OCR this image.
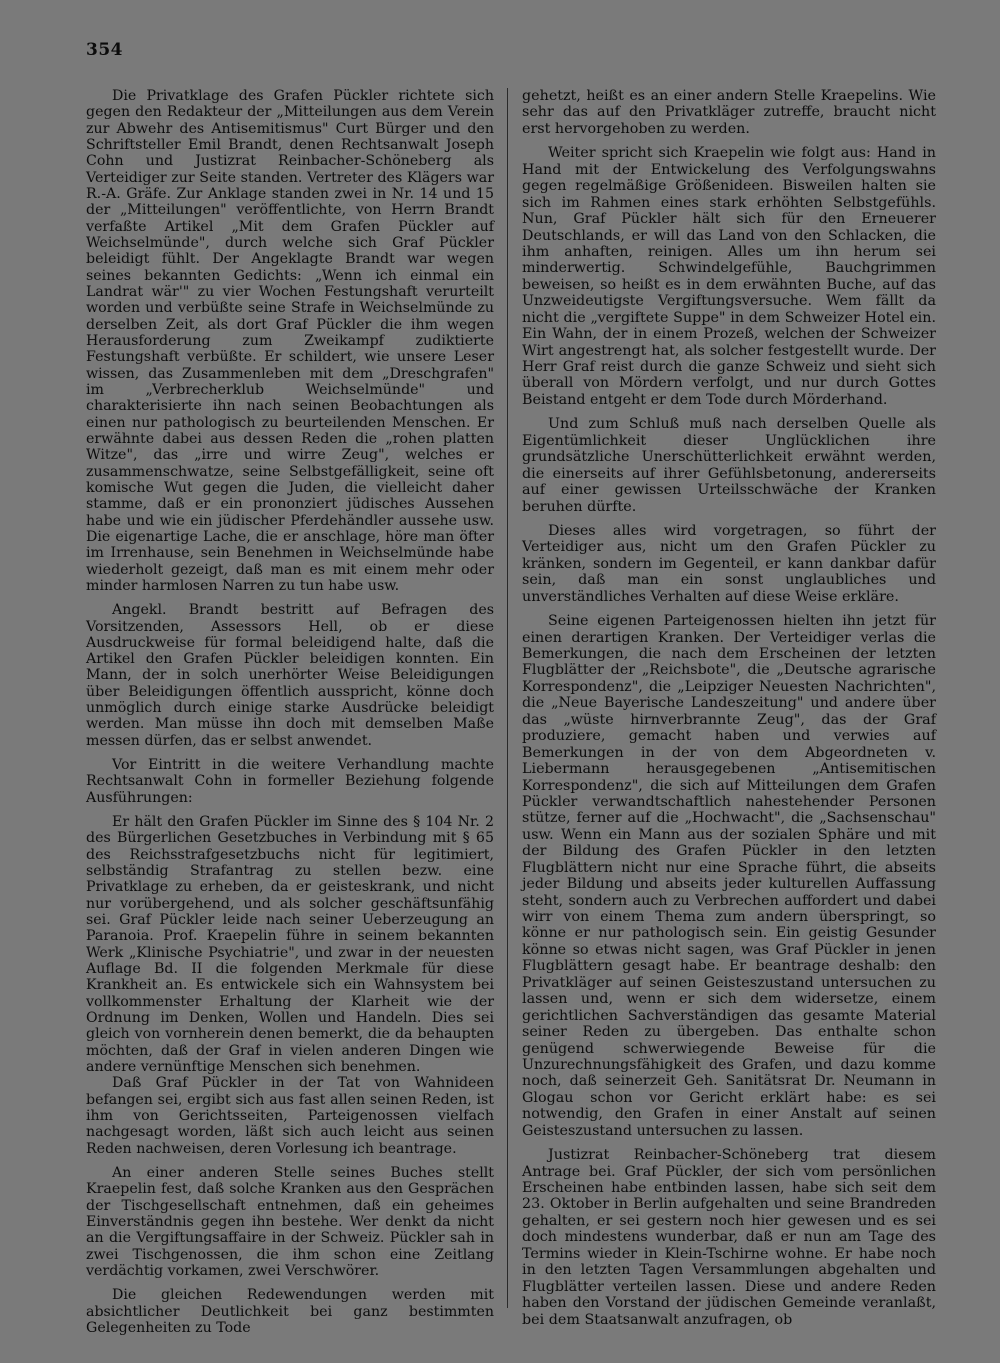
354

Die Privatklage des Grafen Pückler richtete sich gegen den Redakteur der „Mitteilungen aus dem Verein zur Abwehr des Antisemitismus" Curt Bürger und den Schriftsteller Emil Brandt, denen Rechtsanwalt Joseph Cohn und Justizrat Reinbacher-Schöneberg als Verteidiger zur Seite standen. Vertreter des Klägers war R.-A. Gräfe. Zur Anklage standen zwei in Nr. 14 und 15 der „Mitteilungen" veröffentlichte, von Herrn Brandt verfaßte Artikel „Mit dem Grafen Pückler auf Weichselmünde", durch welche sich Graf Pückler beleidigt fühlt. Der Angeklagte Brandt war wegen seines bekannten Gedichts: „Wenn ich einmal ein Landrat wär'" zu vier Wochen Festungshaft verurteilt worden und verbüßte seine Strafe in Weichselmünde zu derselben Zeit, als dort Graf Pückler die ihm wegen Herausforderung zum Zweikampf zudiktierte Festungshaft verbüßte. Er schildert, wie unsere Leser wissen, das Zusammenleben mit dem „Dreschgrafen" im „Verbrecherklub Weichselmünde" und charakterisierte ihn nach seinen Beobachtungen als einen nur pathologisch zu beurteilenden Menschen. Er erwähnte dabei aus dessen Reden die „rohen platten Witze", das „irre und wirre Zeug", welches er zusammenschwatze, seine Selbstgefälligkeit, seine oft komische Wut gegen die Juden, die vielleicht daher stamme, daß er ein prononziert jüdisches Aussehen habe und wie ein jüdischer Pferdehändler aussehe usw. Die eigenartige Lache, die er anschlage, höre man öfter im Irrenhause, sein Benehmen in Weichselmünde habe wiederholt gezeigt, daß man es mit einem mehr oder minder harmlosen Narren zu tun habe usw.

Angekl. Brandt bestritt auf Befragen des Vorsitzenden, Assessors Hell, ob er diese Ausdruckweise für formal beleidigend halte, daß die Artikel den Grafen Pückler beleidigen konnten. Ein Mann, der in solch unerhörter Weise Beleidigungen über Beleidigungen öffentlich ausspricht, könne doch unmöglich durch einige starke Ausdrücke beleidigt werden. Man müsse ihn doch mit demselben Maße messen dürfen, das er selbst anwendet.

Vor Eintritt in die weitere Verhandlung machte Rechtsanwalt Cohn in formeller Beziehung folgende Ausführungen:

Er hält den Grafen Pückler im Sinne des § 104 Nr. 2 des Bürgerlichen Gesetzbuches in Verbindung mit § 65 des Reichsstrafgesetzbuchs nicht für legitimiert, selbständig Strafantrag zu stellen bezw. eine Privatklage zu erheben, da er geisteskrank, und nicht nur vorübergehend, und als solcher geschäftsunfähig sei. Graf Pückler leide nach seiner Ueberzeugung an Paranoia. Prof. Kraepelin führe in seinem bekannten Werk „Klinische Psychiatrie", und zwar in der neuesten Auflage Bd. II die folgenden Merkmale für diese Krankheit an. Es entwickele sich ein Wahnsystem bei vollkommenster Erhaltung der Klarheit wie der Ordnung im Denken, Wollen und Handeln. Dies sei gleich von vornherein denen bemerkt, die da behaupten möchten, daß der Graf in vielen anderen Dingen wie andere vernünftige Menschen sich benehmen.

Daß Graf Pückler in der Tat von Wahnideen befangen sei, ergibt sich aus fast allen seinen Reden, ist ihm von Gerichtsseiten, Parteigenossen vielfach nachgesagt worden, läßt sich auch leicht aus seinen Reden nachweisen, deren Vorlesung ich beantrage.

An einer anderen Stelle seines Buches stellt Kraepelin fest, daß solche Kranken aus den Gesprächen der Tischgesellschaft entnehmen, daß ein geheimes Einverständnis gegen ihn bestehe. Wer denkt da nicht an die Vergiftungsaffaire in der Schweiz. Pückler sah in zwei Tischgenossen, die ihm schon eine Zeitlang verdächtig vorkamen, zwei Verschwörer.

Die gleichen Redewendungen werden mit absichtlicher Deutlichkeit bei ganz bestimmten Gelegenheiten zu Tode

gehetzt, heißt es an einer andern Stelle Kraepelins. Wie sehr das auf den Privatkläger zutreffe, braucht nicht erst hervorgehoben zu werden.

Weiter spricht sich Kraepelin wie folgt aus: Hand in Hand mit der Entwickelung des Verfolgungswahns gegen regelmäßige Größenideen. Bisweilen halten sie sich im Rahmen eines stark erhöhten Selbstgefühls. Nun, Graf Pückler hält sich für den Erneuerer Deutschlands, er will das Land von den Schlacken, die ihm anhaften, reinigen. Alles um ihn herum sei minderwertig. Schwindelgefühle, Bauchgrimmen beweisen, so heißt es in dem erwähnten Buche, auf das Unzweideutigste Vergiftungsversuche. Wem fällt da nicht die „vergiftete Suppe" in dem Schweizer Hotel ein. Ein Wahn, der in einem Prozeß, welchen der Schweizer Wirt angestrengt hat, als solcher festgestellt wurde. Der Herr Graf reist durch die ganze Schweiz und sieht sich überall von Mördern verfolgt, und nur durch Gottes Beistand entgeht er dem Tode durch Mörderhand.

Und zum Schluß muß nach derselben Quelle als Eigentümlichkeit dieser Unglücklichen ihre grundsätzliche Unerschütterlichkeit erwähnt werden, die einerseits auf ihrer Gefühlsbetonung, andererseits auf einer gewissen Urteilsschwäche der Kranken beruhen dürfte.

Dieses alles wird vorgetragen, so führt der Verteidiger aus, nicht um den Grafen Pückler zu kränken, sondern im Gegenteil, er kann dankbar dafür sein, daß man ein sonst unglaubliches und unverständliches Verhalten auf diese Weise erkläre.

Seine eigenen Parteigenossen hielten ihn jetzt für einen derartigen Kranken. Der Verteidiger verlas die Bemerkungen, die nach dem Erscheinen der letzten Flugblätter der „Reichsbote", die „Deutsche agrarische Korrespondenz", die „Leipziger Neuesten Nachrichten", die „Neue Bayerische Landeszeitung" und andere über das „wüste hirnverbrannte Zeug", das der Graf produziere, gemacht haben und verwies auf Bemerkungen in der von dem Abgeordneten v. Liebermann herausgegebenen „Antisemitischen Korrespondenz", die sich auf Mitteilungen dem Grafen Pückler verwandtschaftlich nahestehender Personen stütze, ferner auf die „Hochwacht", die „Sachsenschau" usw. Wenn ein Mann aus der sozialen Sphäre und mit der Bildung des Grafen Pückler in den letzten Flugblättern nicht nur eine Sprache führt, die abseits jeder Bildung und abseits jeder kulturellen Auffassung steht, sondern auch zu Verbrechen auffordert und dabei wirr von einem Thema zum andern überspringt, so könne er nur pathologisch sein. Ein geistig Gesunder könne so etwas nicht sagen, was Graf Pückler in jenen Flugblättern gesagt habe. Er beantrage deshalb: den Privatkläger auf seinen Geisteszustand untersuchen zu lassen und, wenn er sich dem widersetze, einem gerichtlichen Sachverständigen das gesamte Material seiner Reden zu übergeben. Das enthalte schon genügend schwerwiegende Beweise für die Unzurechnungsfähigkeit des Grafen, und dazu komme noch, daß seinerzeit Geh. Sanitätsrat Dr. Neumann in Glogau schon vor Gericht erklärt habe: es sei notwendig, den Grafen in einer Anstalt auf seinen Geisteszustand untersuchen zu lassen.

Justizrat Reinbacher-Schöneberg trat diesem Antrage bei. Graf Pückler, der sich vom persönlichen Erscheinen habe entbinden lassen, habe sich seit dem 23. Oktober in Berlin aufgehalten und seine Brandreden gehalten, er sei gestern noch hier gewesen und es sei doch mindestens wunderbar, daß er nun am Tage des Termins wieder in Klein-Tschirne wohne. Er habe noch in den letzten Tagen Versammlungen abgehalten und Flugblätter verteilen lassen. Diese und andere Reden haben den Vorstand der jüdischen Gemeinde veranlaßt, bei dem Staatsanwalt anzufragen, ob
